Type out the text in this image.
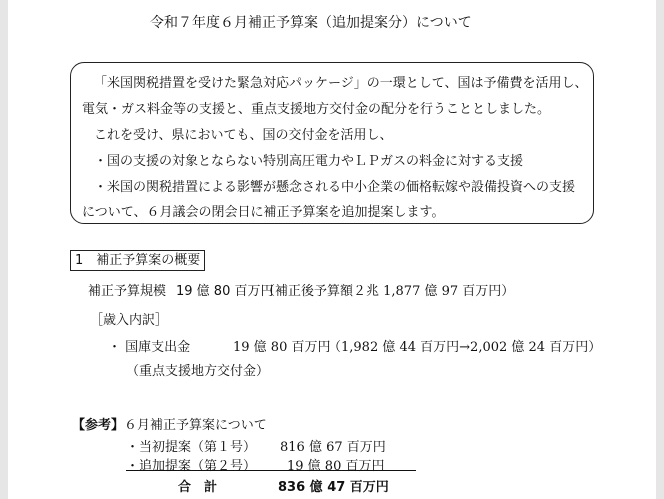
令和７年度６月補正予算案（追加提案分）について
「米国関税措置を受けた緊急対応パッケージ」の一環として、国は予備費を活用し、
電気・ガス料金等の支援と、重点支援地方交付金の配分を行うこととしました。
これを受け、県においても、国の交付金を活用し、
・国の支援の対象とならない特別高圧電力やＬＰガスの料金に対する支援
・米国の関税措置による影響が懸念される中小企業の価格転嫁や設備投資への支援
について、６月議会の閉会日に補正予算案を追加提案します。
1　補正予算案の概要
補正予算規模 19 億 80 百万円
（補正後予算額２兆 1,877 億 97 百万円）
［歳入内訳］
・ 国庫支出金	19 億 80 百万円
（1,982 億 44 百万円→2,002 億 24 百万円）
（重点支援地方交付金）
【参考】６月補正予算案について
・当初提案（第１号） 816 億 67 百万円
・追加提案（第２号） 19 億 80 百万円
合　計	836 億 47 百万円
